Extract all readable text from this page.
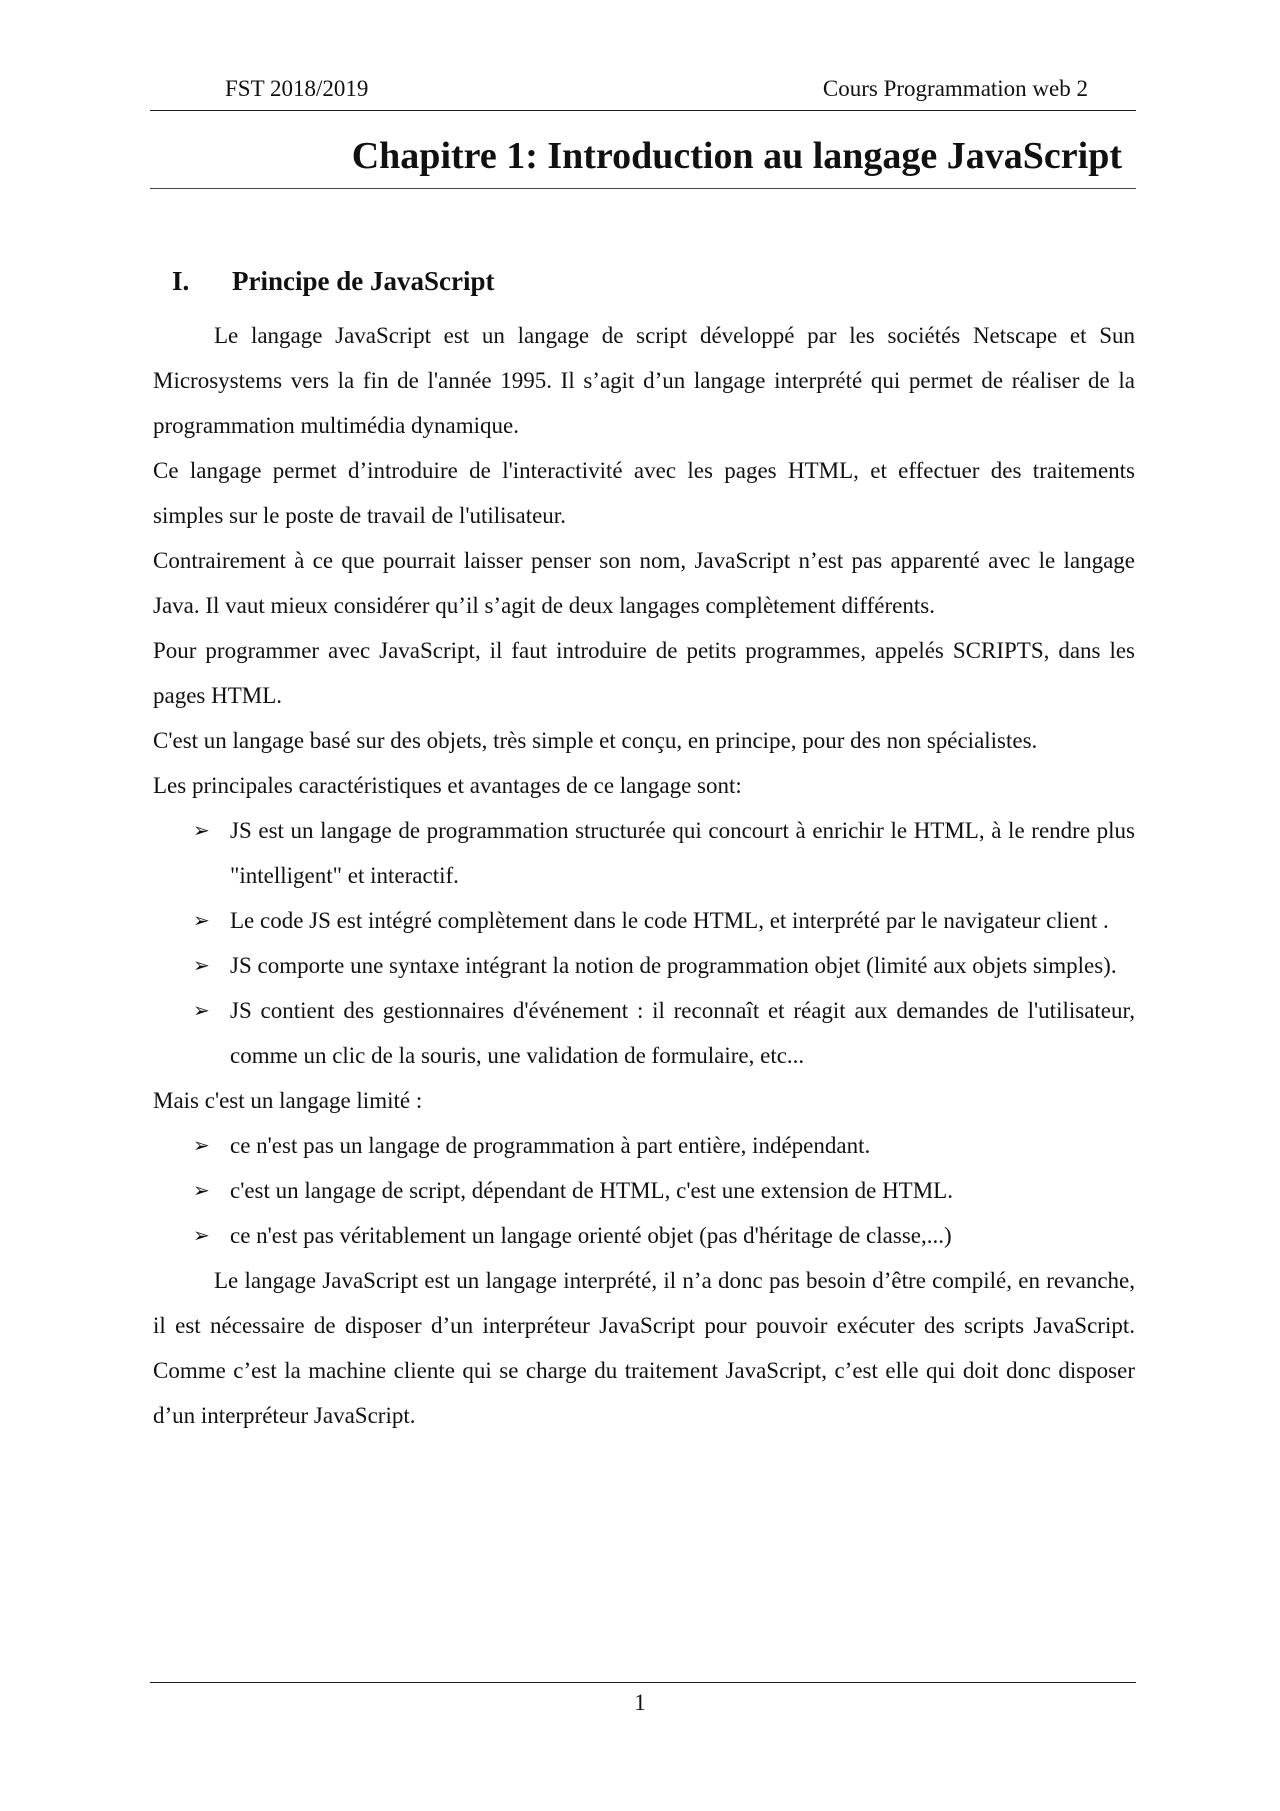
FST 2018/2019	Cours Programmation web 2
Chapitre 1: Introduction au langage JavaScript
I. Principe de JavaScript

Le langage JavaScript est un langage de script développé par les sociétés Netscape et Sun Microsystems vers la fin de l'année 1995. Il s’agit d’un langage interprété qui permet de réaliser de la programmation multimédia dynamique.

Ce langage permet d’introduire de l'interactivité avec les pages HTML, et effectuer des traitements simples sur le poste de travail de l'utilisateur.

Contrairement à ce que pourrait laisser penser son nom, JavaScript n’est pas apparenté avec le langage Java. Il vaut mieux considérer qu’il s’agit de deux langages complètement différents.

Pour programmer avec JavaScript, il faut introduire de petits programmes, appelés SCRIPTS, dans les pages HTML.

C'est un langage basé sur des objets, très simple et conçu, en principe, pour des non spécialistes.

Les principales caractéristiques et avantages de ce langage sont:

➢ JS est un langage de programmation structurée qui concourt à enrichir le HTML, à le rendre plus "intelligent" et interactif.
➢ Le code JS est intégré complètement dans le code HTML, et interprété par le navigateur client .
➢ JS comporte une syntaxe intégrant la notion de programmation objet (limité aux objets simples).
➢ JS contient des gestionnaires d'événement : il reconnaît et réagit aux demandes de l'utilisateur, comme un clic de la souris, une validation de formulaire, etc...

Mais c'est un langage limité :

➢ ce n'est pas un langage de programmation à part entière, indépendant.
➢ c'est un langage de script, dépendant de HTML, c'est une extension de HTML.
➢ ce n'est pas véritablement un langage orienté objet (pas d'héritage de classe,...)

Le langage JavaScript est un langage interprété, il n’a donc pas besoin d’être compilé, en revanche, il est nécessaire de disposer d’un interpréteur JavaScript pour pouvoir exécuter des scripts JavaScript. Comme c’est la machine cliente qui se charge du traitement JavaScript, c’est elle qui doit donc disposer d’un interpréteur JavaScript.

1
